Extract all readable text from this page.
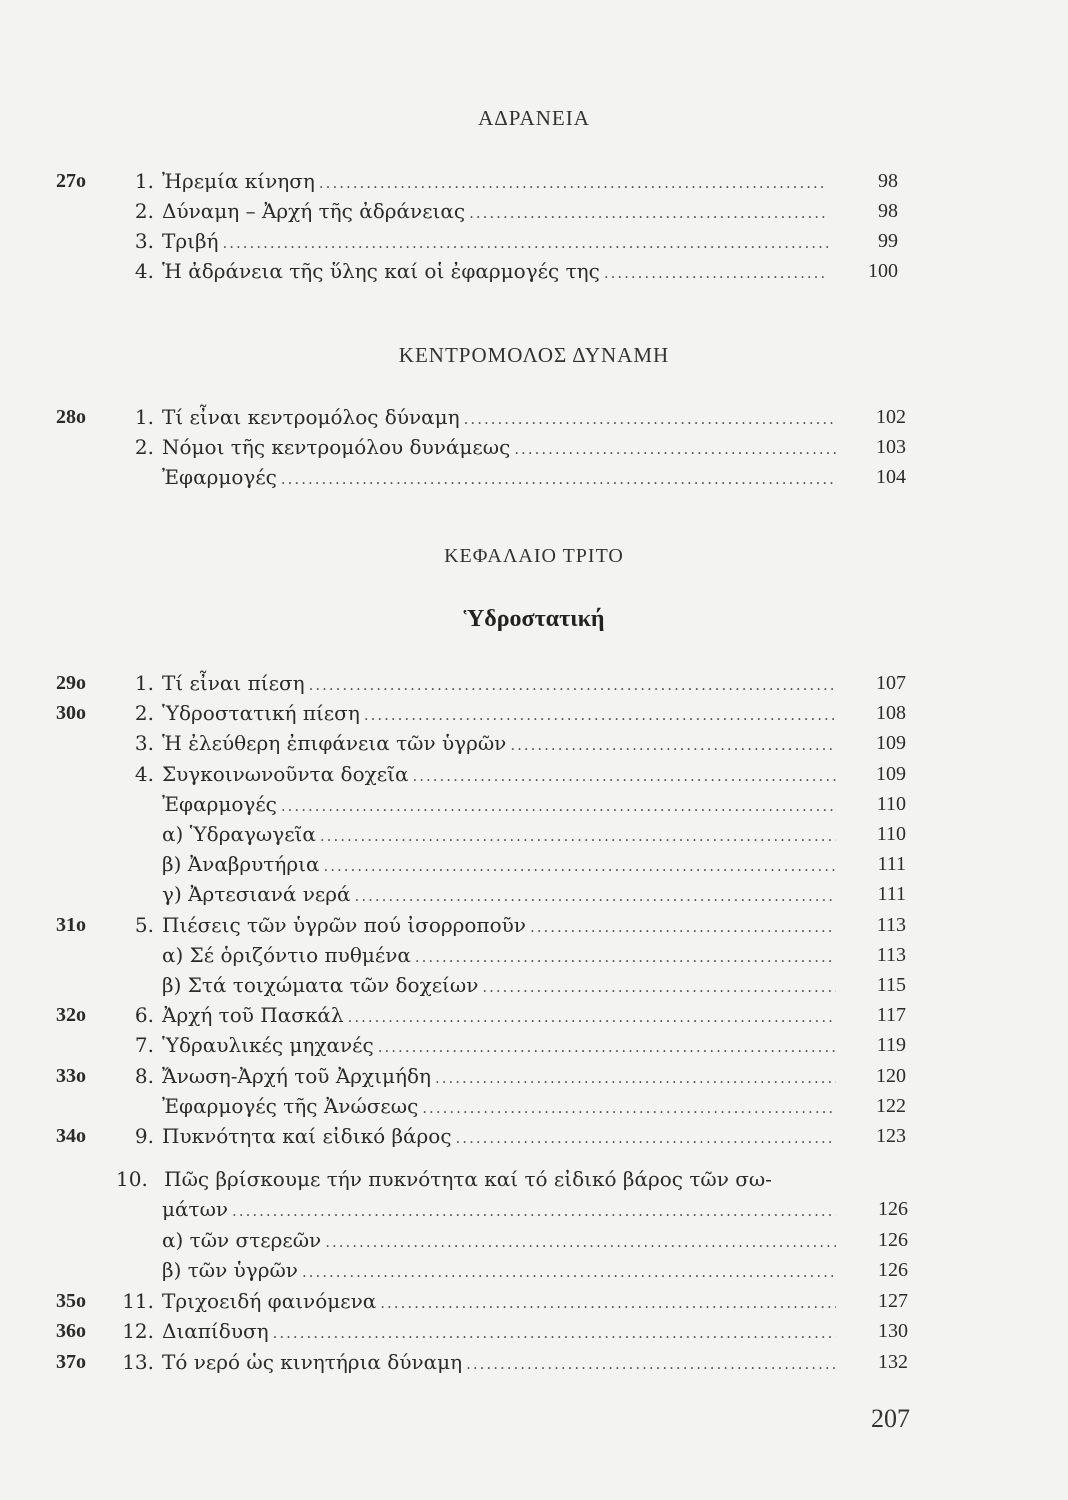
ΑΔΡΑΝΕΙΑ
27ο	1. Ἠρεμία κίνηση .....	98
2. Δύναμη – Ἀρχή τῆς ἀδράνειας .....	98
3. Τριβή .....	99
4. Ἡ ἀδράνεια τῆς ὕλης καί οἱ ἐφαρμογές της .....	100
ΚΕΝΤΡΟΜΟΛΟΣ ΔΥΝΑΜΗ
28ο	1. Τί εἶναι κεντρομόλος δύναμη .....	102
2. Νόμοι τῆς κεντρομόλου δυνάμεως .....	103
Ἐφαρμογές .....	104
ΚΕΦΑΛΑΙΟ ΤΡΙΤΟ
Ὑδροστατική
29ο	1. Τί εἶναι πίεση .....	107
30ο	2. Ὑδροστατική πίεση .....	108
3. Ἡ ἐλεύθερη ἐπιφάνεια τῶν ὑγρῶν .....	109
4. Συγκοινωνοῦντα δοχεῖα .....	109
Ἐφαρμογές .....	110
α) Ὑδραγωγεῖα .....	110
β) Ἀναβρυτήρια .....	111
γ) Ἀρτεσιανά νερά .....	111
31ο	5. Πιέσεις τῶν ὑγρῶν πού ἰσορροποῦν .....	113
α) Σέ ὁριζόντιο πυθμένα .....	113
β) Στά τοιχώματα τῶν δοχείων .....	115
32ο	6. Ἀρχή τοῦ Πασκάλ .....	117
7. Ὑδραυλικές μηχανές .....	119
33ο	8. Ἄνωση-Ἀρχή τοῦ Ἀρχιμήδη .....	120
Ἐφαρμογές τῆς Ἀνώσεως .....	122
34ο	9. Πυκνότητα καί εἰδικό βάρος .....	123
10. Πῶς βρίσκουμε τήν πυκνότητα καί τό εἰδικό βάρος τῶν σω-
μάτων .....	126
α) τῶν στερεῶν .....	126
β) τῶν ὑγρῶν .....	126
35ο	11. Τριχοειδή φαινόμενα .....	127
36ο	12. Διαπίδυση .....	130
37ο	13. Τό νερό ὡς κινητήρια δύναμη .....	132
207
